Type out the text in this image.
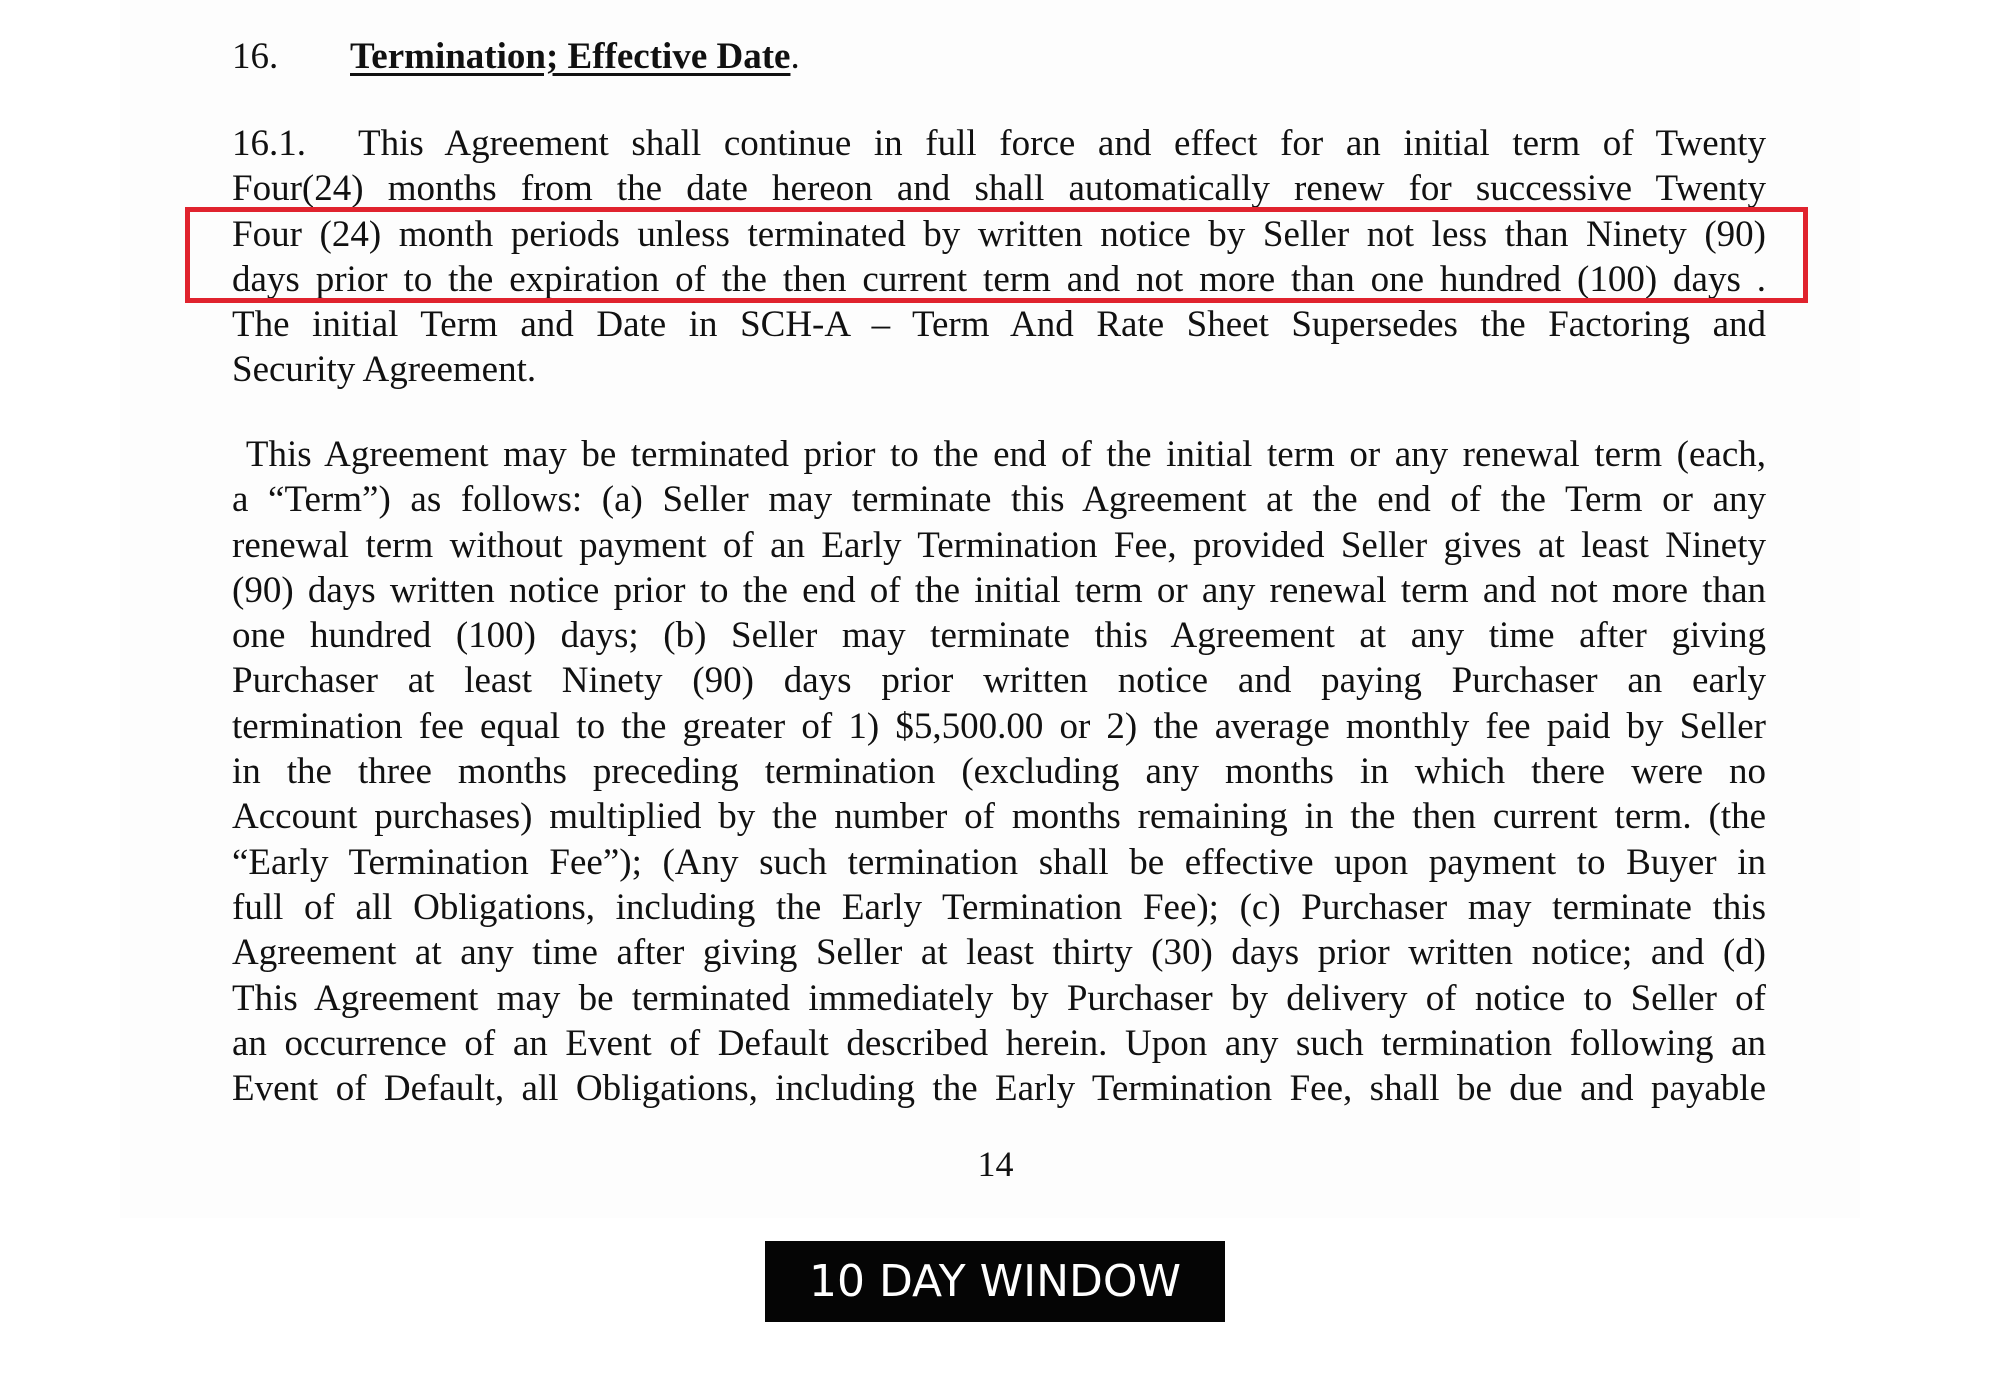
16. Termination; Effective Date.
16.1. This Agreement shall continue in full force and effect for an initial term of Twenty
Four(24) months from the date hereon and shall automatically renew for successive Twenty
Four (24) month periods unless terminated by written notice by Seller not less than Ninety (90)
days prior to the expiration of the then current term and not more than one hundred (100) days .
The initial Term and Date in SCH-A – Term And Rate Sheet Supersedes the Factoring and
Security Agreement.
This Agreement may be terminated prior to the end of the initial term or any renewal term (each,
a “Term”) as follows: (a) Seller may terminate this Agreement at the end of the Term or any
renewal term without payment of an Early Termination Fee, provided Seller gives at least Ninety
(90) days written notice prior to the end of the initial term or any renewal term and not more than
one hundred (100) days; (b) Seller may terminate this Agreement at any time after giving
Purchaser at least Ninety (90) days prior written notice and paying Purchaser an early
termination fee equal to the greater of 1) $5,500.00 or 2) the average monthly fee paid by Seller
in the three months preceding termination (excluding any months in which there were no
Account purchases) multiplied by the number of months remaining in the then current term. (the
“Early Termination Fee”); (Any such termination shall be effective upon payment to Buyer in
full of all Obligations, including the Early Termination Fee); (c) Purchaser may terminate this
Agreement at any time after giving Seller at least thirty (30) days prior written notice; and (d)
This Agreement may be terminated immediately by Purchaser by delivery of notice to Seller of
an occurrence of an Event of Default described herein. Upon any such termination following an
Event of Default, all Obligations, including the Early Termination Fee, shall be due and payable
14
10 DAY WINDOW
